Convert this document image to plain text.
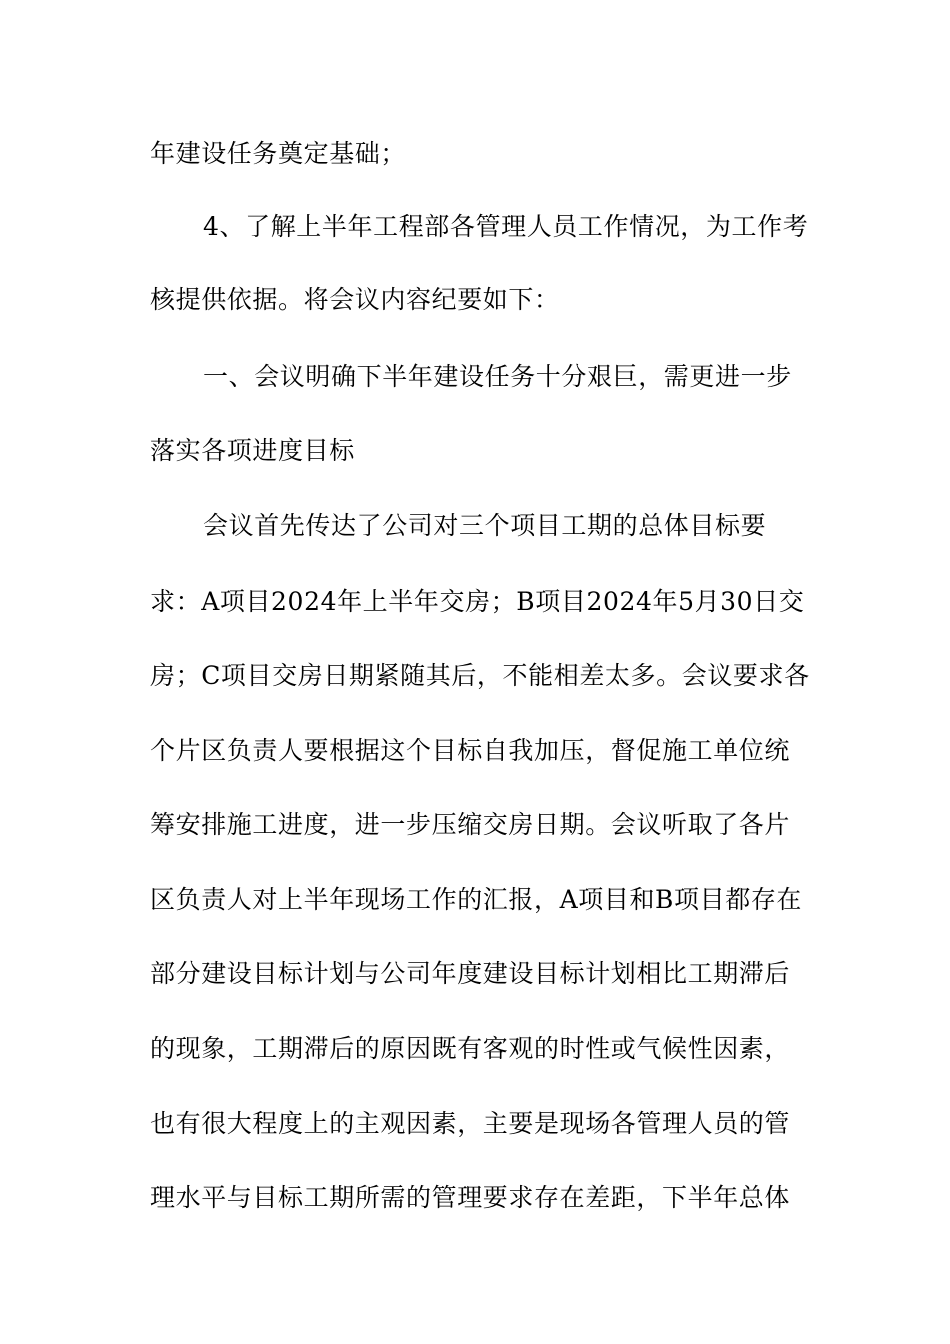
年建设任务奠定基础；
4、了解上半年工程部各管理人员工作情况，为工作考
核提供依据。将会议内容纪要如下：
一、会议明确下半年建设任务十分艰巨，需更进一步
落实各项进度目标
会议首先传达了公司对三个项目工期的总体目标要
求：A项目2024年上半年交房；B项目2024年5月30日交
房；C项目交房日期紧随其后，不能相差太多。会议要求各
个片区负责人要根据这个目标自我加压，督促施工单位统
筹安排施工进度，进一步压缩交房日期。会议听取了各片
区负责人对上半年现场工作的汇报，A项目和B项目都存在
部分建设目标计划与公司年度建设目标计划相比工期滞后
的现象，工期滞后的原因既有客观的时性或气候性因素，
也有很大程度上的主观因素，主要是现场各管理人员的管
理水平与目标工期所需的管理要求存在差距，下半年总体
